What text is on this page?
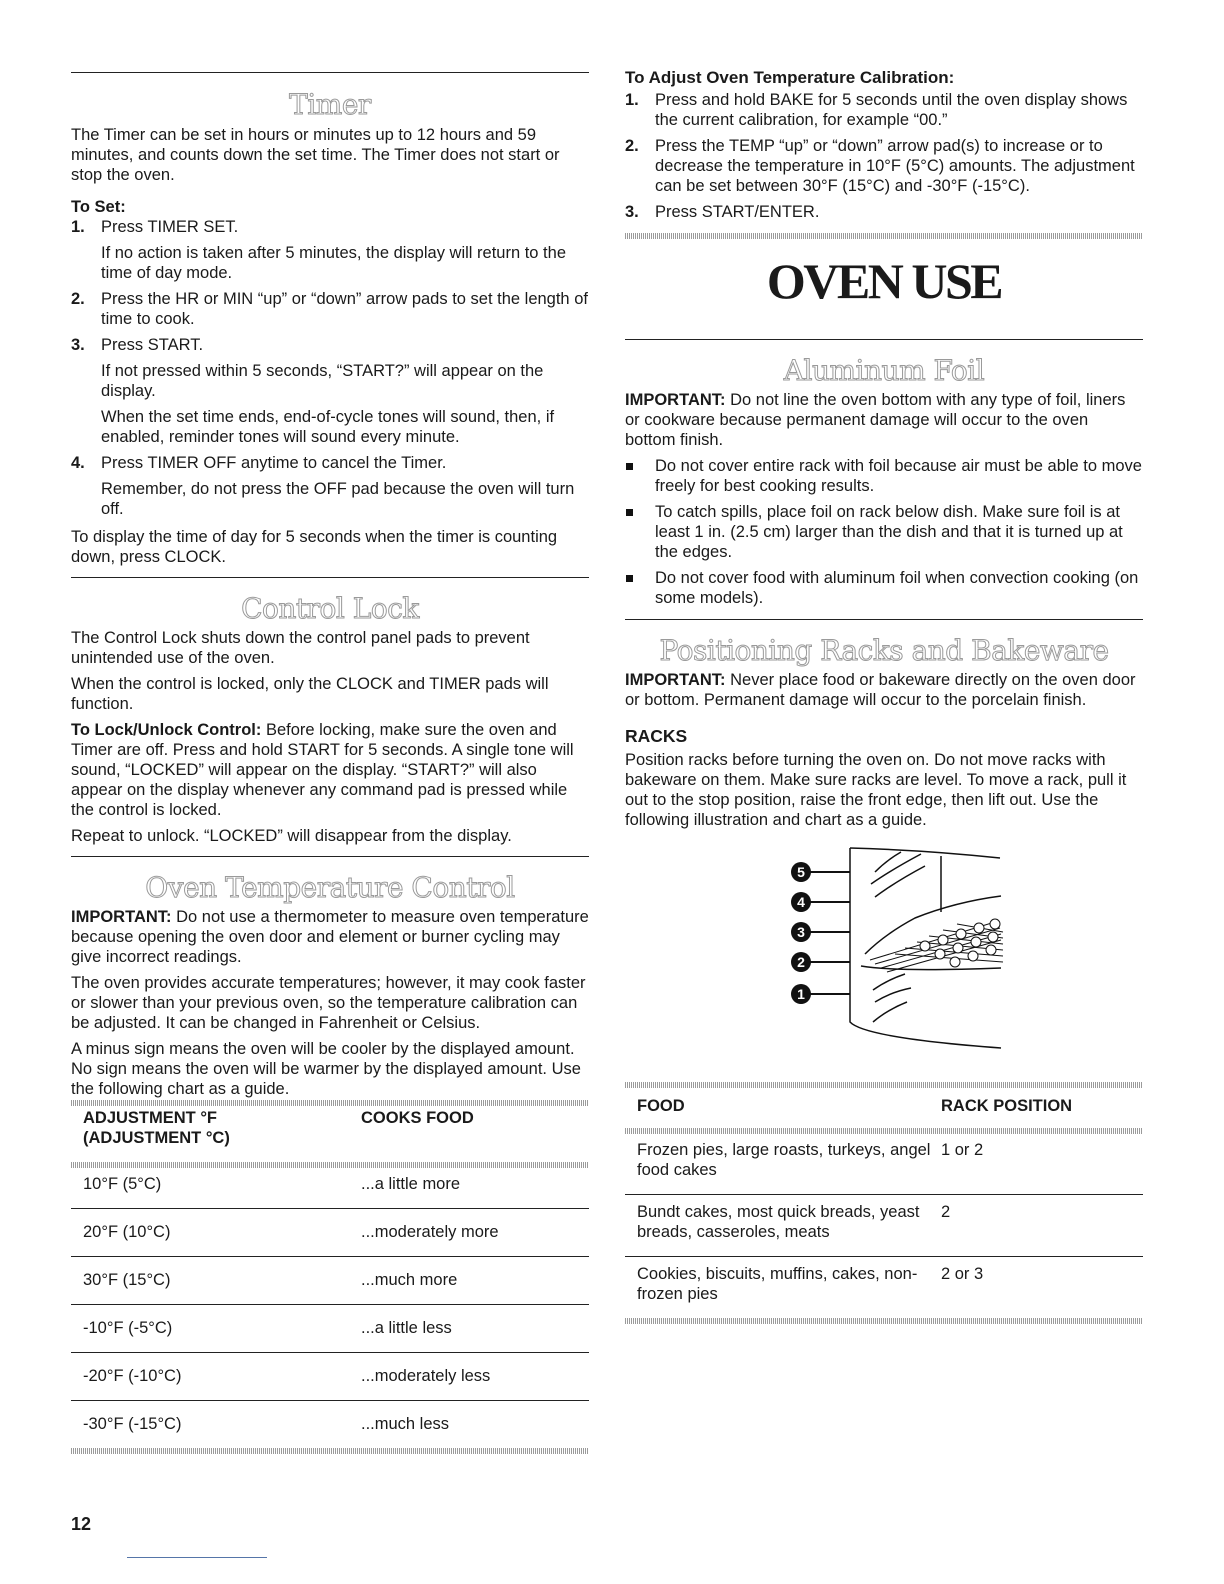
Timer

The Timer can be set in hours or minutes up to 12 hours and 59 minutes, and counts down the set time. The Timer does not start or stop the oven.

To Set:

1. Press TIMER SET.

If no action is taken after 5 minutes, the display will return to the time of day mode.

2. Press the HR or MIN “up” or “down” arrow pads to set the length of time to cook.
3. Press START.

If not pressed within 5 seconds, “START?” will appear on the display.

When the set time ends, end-of-cycle tones will sound, then, if enabled, reminder tones will sound every minute.

4. Press TIMER OFF anytime to cancel the Timer.

Remember, do not press the OFF pad because the oven will turn off.

To display the time of day for 5 seconds when the timer is counting down, press CLOCK.

Control Lock

The Control Lock shuts down the control panel pads to prevent unintended use of the oven.

When the control is locked, only the CLOCK and TIMER pads will function.

To Lock/Unlock Control: Before locking, make sure the oven and Timer are off. Press and hold START for 5 seconds. A single tone will sound, “LOCKED” will appear on the display. “START?” will also appear on the display whenever any command pad is pressed while the control is locked.

Repeat to unlock. “LOCKED” will disappear from the display.

Oven Temperature Control

IMPORTANT: Do not use a thermometer to measure oven temperature because opening the oven door and element or burner cycling may give incorrect readings.

The oven provides accurate temperatures; however, it may cook faster or slower than your previous oven, so the temperature calibration can be adjusted. It can be changed in Fahrenheit or Celsius.

A minus sign means the oven will be cooler by the displayed amount. No sign means the oven will be warmer by the displayed amount. Use the following chart as a guide.

ADJUSTMENT °F
(ADJUSTMENT °C)	COOKS FOOD
10°F (5°C)	...a little more
20°F (10°C)	...moderately more
30°F (15°C)	...much more
-10°F (-5°C)	...a little less
-20°F (-10°C)	...moderately less
-30°F (-15°C)	...much less

To Adjust Oven Temperature Calibration:

1. Press and hold BAKE for 5 seconds until the oven display shows the current calibration, for example “00.”
2. Press the TEMP “up” or “down” arrow pad(s) to increase or to decrease the temperature in 10°F (5°C) amounts. The adjustment can be set between 30°F (15°C) and -30°F (-15°C).
3. Press START/ENTER.
OVEN USE
Aluminum Foil

IMPORTANT: Do not line the oven bottom with any type of foil, liners or cookware because permanent damage will occur to the oven bottom finish.

Do not cover entire rack with foil because air must be able to move freely for best cooking results.
To catch spills, place foil on rack below dish. Make sure foil is at least 1 in. (2.5 cm) larger than the dish and that it is turned up at the edges.
Do not cover food with aluminum foil when convection cooking (on some models).
Positioning Racks and Bakeware

IMPORTANT: Never place food or bakeware directly on the oven door or bottom. Permanent damage will occur to the porcelain finish.

RACKS

Position racks before turning the oven on. Do not move racks with bakeware on them. Make sure racks are level. To move a rack, pull it out to the stop position, raise the front edge, then lift out. Use the following illustration and chart as a guide.

5
4
3
2
1
FOOD	RACK POSITION
Frozen pies, large roasts, turkeys, angel food cakes	1 or 2
Bundt cakes, most quick breads, yeast breads, casseroles, meats	2
Cookies, biscuits, muffins, cakes, non-frozen pies	2 or 3
12
